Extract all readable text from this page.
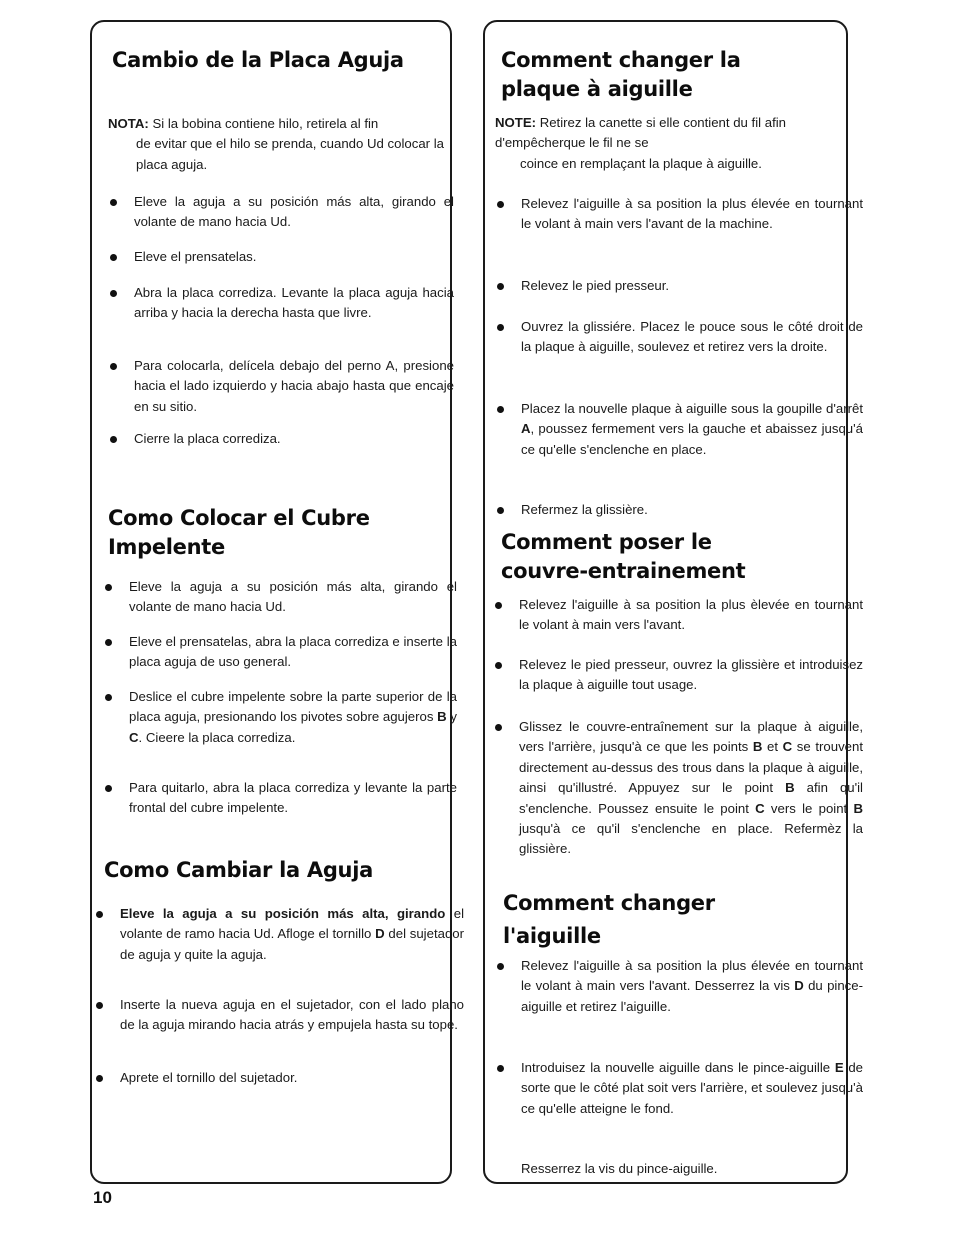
Cambio de la Placa Aguja
NOTA: Si la bobina contiene hilo, retirela al fin
de evitar que el hilo se prenda, cuando Ud colocar la placa aguja.
Eleve la aguja a su posición más alta, girando el volante de mano hacia Ud.
Eleve el prensatelas.
Abra la placa corrediza. Levante la placa aguja hacia arriba y hacia la derecha hasta que livre.
Para colocarla, delícela debajo del perno A, presione hacia el lado izquierdo y hacia abajo hasta que encaje en su sitio.
Cierre la placa corrediza.
Como Colocar el Cubre
Impelente
Eleve la aguja a su posición más alta, girando el volante de mano hacia Ud.
Eleve el prensatelas, abra la placa corrediza e inserte la placa aguja de uso general.
Deslice el cubre impelente sobre la parte superior de la placa aguja, presionando los pivotes sobre agujeros B y C. Cieere la placa corrediza.
Para quitarlo, abra la placa corrediza y levante la parte frontal del cubre impelente.
Como Cambiar la Aguja
Eleve la aguja a su posición más alta, girando el volante de ramo hacia Ud. Afloge el tornillo D del sujetador de aguja y quite la aguja.
Inserte la nueva aguja en el sujetador, con el lado plano de la aguja mirando hacia atrás y empujela hasta su tope.
Aprete el tornillo del sujetador.
Comment changer la
plaque à aiguille
NOTE: Retirez la canette si elle contient du fil afin d'empêcherque le fil ne se
coince en remplaçant la plaque à aiguille.
Relevez l'aiguille à sa position la plus élevée en tournant le volant à main vers l'avant de la machine.
Relevez le pied presseur.
Ouvrez la glissiére. Placez le pouce sous le côté droit de la plaque à aiguille, soulevez et retirez vers la droite.
Placez la nouvelle plaque à aiguille sous la goupille d'arrêt A, poussez fermement vers la gauche et abaissez jusqu'á ce qu'elle s'enclenche en place.
Refermez la glissière.
Comment poser le
couvre-entrainement
Relevez l'aiguille à sa position la plus èlevée en tournant le volant à main vers l'avant.
Relevez le pied presseur, ouvrez la glissière et introduisez la plaque à aiguille tout usage.
Glissez le couvre-entraînement sur la plaque à aiguille, vers l'arrière, jusqu'à ce que les points B et C se trouvent directement au-dessus des trous dans la plaque à aiguille, ainsi qu'illustré. Appuyez sur le point B afin qu'il s'enclenche. Poussez ensuite le point C vers le point B jusqu'à ce qu'il s'enclenche en place. Refermèz la glissière.
Comment changer
l'aiguille
Relevez l'aiguille à sa position la plus élevée en tournant le volant à main vers l'avant. Desserrez la vis D du pince-aiguille et retirez l'aiguille.
Introduisez la nouvelle aiguille dans le pince-aiguille E de sorte que le côté plat soit vers l'arrière, et soulevez jusqu'à ce qu'elle atteigne le fond.
Resserrez la vis du pince-aiguille.
10
